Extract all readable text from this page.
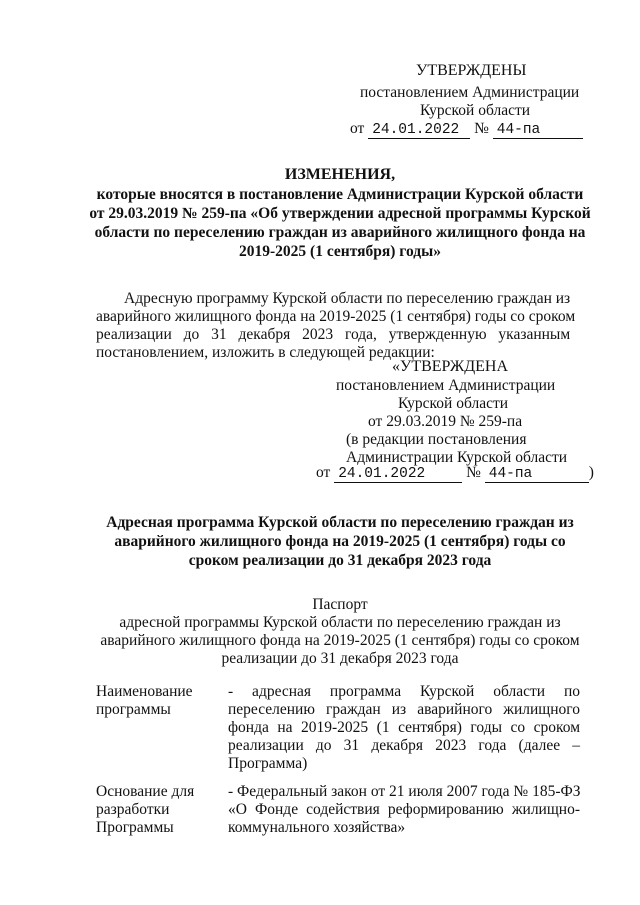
УТВЕРЖДЕНЫ
постановлением Администрации
Курской области
от 24.01.2022 № 44-па
ИЗМЕНЕНИЯ,
которые вносятся в постановление Администрации Курской области
от 29.03.2019 № 259-па «Об утверждении адресной программы Курской
области по переселению граждан из аварийного жилищного фонда на
2019-2025 (1 сентября) годы»
Адресную программу Курской области по переселению граждан из
аварийного жилищного фонда на 2019-2025 (1 сентября) годы со сроком
реализации до 31 декабря 2023 года, утвержденную указанным
постановлением, изложить в следующей редакции:
«УТВЕРЖДЕНА
постановлением Администрации
Курской области
от 29.03.2019 № 259-па
(в редакции постановления
Администрации Курской области
от 24.01.2022	№ 44-па	)
Адресная программа Курской области по переселению граждан из
аварийного жилищного фонда на 2019-2025 (1 сентября) годы со
сроком реализации до 31 декабря 2023 года
Паспорт
адресной программы Курской области по переселению граждан из
аварийного жилищного фонда на 2019-2025 (1 сентября) годы со сроком
реализации до 31 декабря 2023 года
Наименование
программы
- адресная программа Курской области по
переселению граждан из аварийного жилищного
фонда на 2019-2025 (1 сентября) годы со сроком
реализации до 31 декабря 2023 года (далее –
Программа)
Основание для
разработки
Программы
- Федеральный закон от 21 июля 2007 года № 185-ФЗ
«О Фонде содействия реформированию жилищно-
коммунального хозяйства»
